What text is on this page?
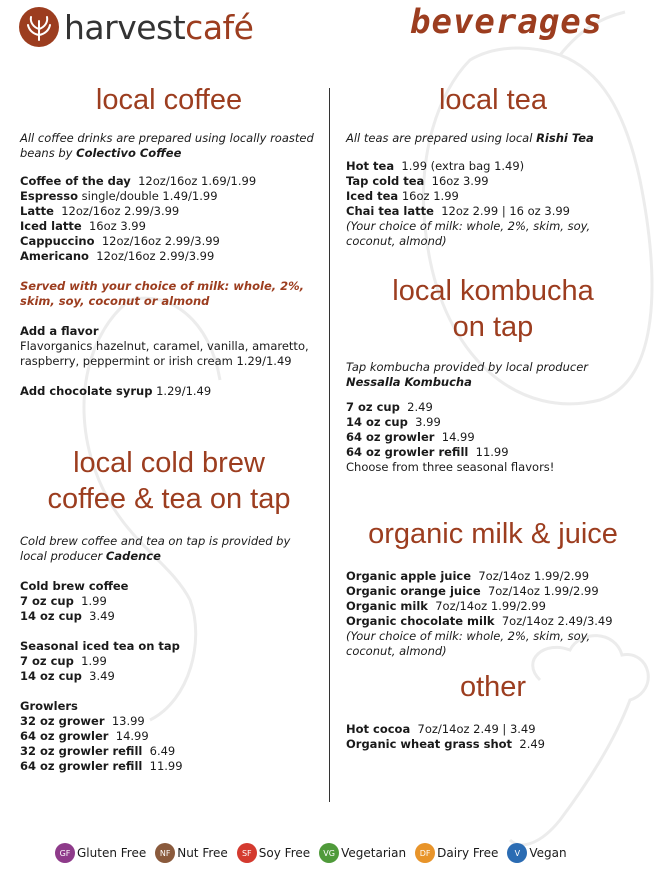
harvestcafé	beverages
local coffee

All coffee drinks are prepared using locally roasted beans by Colectivo Coffee

Coffee of the day 12oz/16oz 1.69/1.99
Espresso single/double 1.49/1.99
Latte 12oz/16oz 2.99/3.99
Iced latte 16oz 3.99
Cappuccino 12oz/16oz 2.99/3.99
Americano 12oz/16oz 2.99/3.99
Served with your choice of milk: whole, 2%, skim, soy, coconut or almond
Add a flavor
Flavorganics hazelnut, caramel, vanilla, amaretto, raspberry, peppermint or irish cream 1.29/1.49
Add chocolate syrup 1.29/1.49
local cold brew
coffee & tea on tap

Cold brew coffee and tea on tap is provided by local producer Cadence

Cold brew coffee
7 oz cup 1.99
14 oz cup 3.49
Seasonal iced tea on tap
7 oz cup 1.99
14 oz cup 3.49
Growlers
32 oz grower 13.99
64 oz growler 14.99
32 oz growler refill 6.49
64 oz growler refill 11.99
local tea

All teas are prepared using local Rishi Tea

Hot tea 1.99 (extra bag 1.49)
Tap cold tea 16oz 3.99
Iced tea 16oz 1.99
Chai tea latte 12oz 2.99 | 16 oz 3.99
(Your choice of milk: whole, 2%, skim, soy, coconut, almond)
local kombucha
on tap

Tap kombucha provided by local producer Nessalla Kombucha

7 oz cup 2.49
14 oz cup 3.99
64 oz growler 14.99
64 oz growler refill 11.99
Choose from three seasonal flavors!
organic milk & juice
Organic apple juice 7oz/14oz 1.99/2.99
Organic orange juice 7oz/14oz 1.99/2.99
Organic milk 7oz/14oz 1.99/2.99
Organic chocolate milk 7oz/14oz 2.49/3.49
(Your choice of milk: whole, 2%, skim, soy, coconut, almond)
other
Hot cocoa 7oz/14oz 2.49 | 3.49
Organic wheat grass shot 2.49
GF Gluten Free	NF Nut Free	SF Soy Free	VG Vegetarian	DF Dairy Free	V Vegan
